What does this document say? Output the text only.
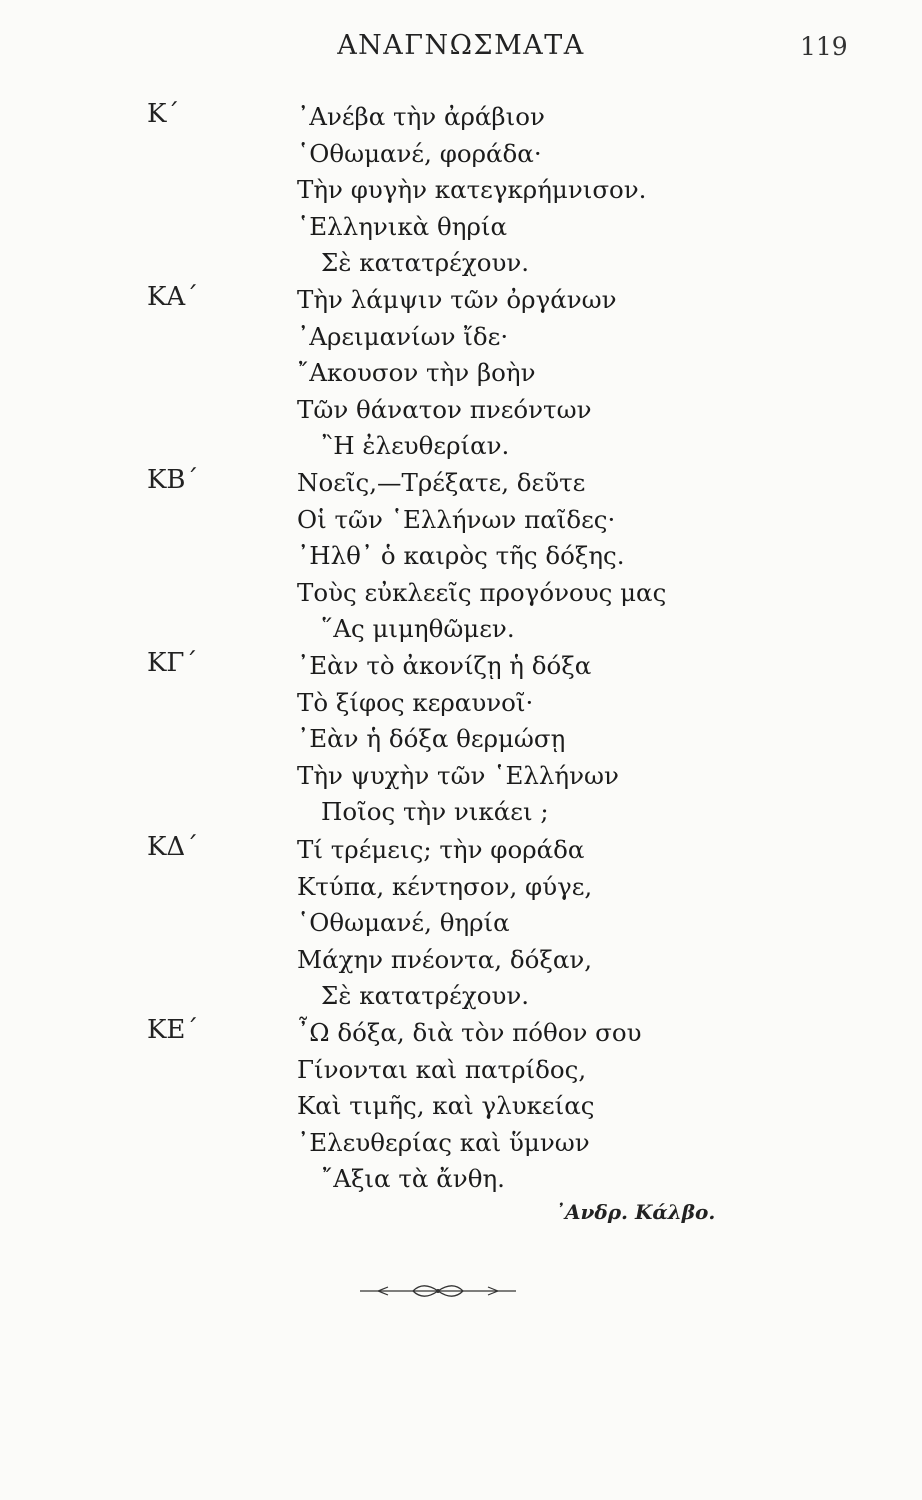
ΑΝΑΓΝΩΣΜΑΤΑ	119
Κ΄	᾿Ανέβα τὴν ἀράβιον
῾Οθωμανέ, φοράδα·
Τὴν φυγὴν κατεγκρήμνισον.
῾Ελληνικὰ θηρία
Σὲ κατατρέχουν.
ΚΑ΄	Τὴν λάμψιν τῶν ὀργάνων
᾿Αρειμανίων ἴδε·
῎Ακουσον τὴν βοὴν
Τῶν θάνατον πνεόντων
῍Η ἐλευθερίαν.
ΚΒ΄	Νοεῖς,—Τρέξατε, δεῦτε
Οἱ τῶν ῾Ελλήνων παῖδες·
᾿Ηλθ᾿ ὁ καιρὸς τῆς δόξης.
Τοὺς εὐκλεεῖς προγόνους μας
῞Ας μιμηθῶμεν.
ΚΓ΄	᾿Εὰν τὸ ἀκονίζῃ ἡ δόξα
Τὸ ξίφος κεραυνοῖ·
᾿Εὰν ἡ δόξα θερμώσῃ
Τὴν ψυχὴν τῶν ῾Ελλήνων
Ποῖος τὴν νικάει ;
ΚΔ΄	Τί τρέμεις; τὴν φοράδα
Κτύπα, κέντησον, φύγε,
῾Οθωμανέ, θηρία
Μάχην πνέοντα, δόξαν,
Σὲ κατατρέχουν.
ΚΕ΄	῏Ω δόξα, διὰ τὸν πόθον σου
Γίνονται καὶ πατρίδος,
Καὶ τιμῆς, καὶ γλυκείας
᾿Ελευθερίας καὶ ὕμνων
῎Αξια τὰ ἄνθη.
᾿Ανδρ. Κάλβο.
